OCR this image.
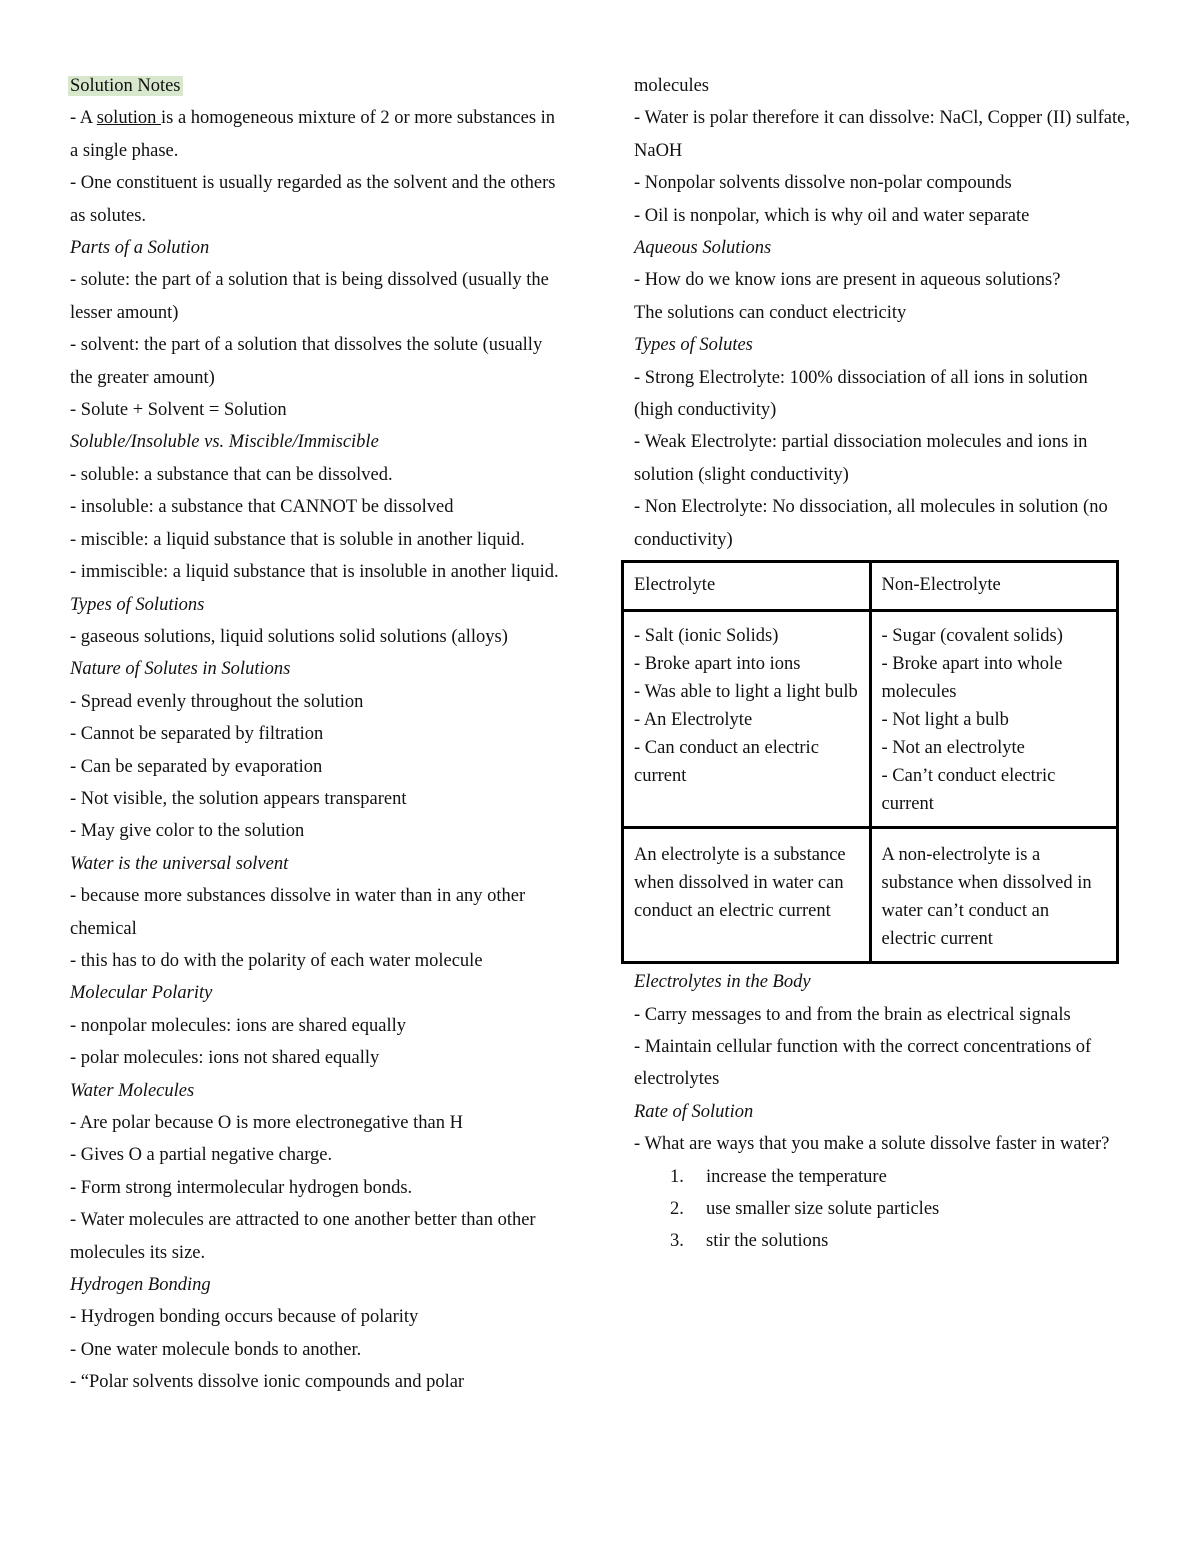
Solution Notes

- A solution is a homogeneous mixture of 2 or more substances in a single phase.

- One constituent is usually regarded as the solvent and the others as solutes.

Parts of a Solution

- solute: the part of a solution that is being dissolved (usually the lesser amount)

- solvent: the part of a solution that dissolves the solute (usually the greater amount)

- Solute + Solvent = Solution

Soluble/Insoluble vs. Miscible/Immiscible

- soluble: a substance that can be dissolved.

- insoluble: a substance that CANNOT be dissolved

- miscible: a liquid substance that is soluble in another liquid.

- immiscible: a liquid substance that is insoluble in another liquid.

Types of Solutions

- gaseous solutions, liquid solutions solid solutions (alloys)

Nature of Solutes in Solutions

- Spread evenly throughout the solution

- Cannot be separated by filtration

- Can be separated by evaporation

- Not visible, the solution appears transparent

- May give color to the solution

Water is the universal solvent

- because more substances dissolve in water than in any other chemical

- this has to do with the polarity of each water molecule

Molecular Polarity

- nonpolar molecules: ions are shared equally

- polar molecules: ions not shared equally

Water Molecules

- Are polar because O is more electronegative than H

- Gives O a partial negative charge.

- Form strong intermolecular hydrogen bonds.

- Water molecules are attracted to one another better than other molecules its size.

Hydrogen Bonding

- Hydrogen bonding occurs because of polarity

- One water molecule bonds to another.

- “Polar solvents dissolve ionic compounds and polar

molecules

- Water is polar therefore it can dissolve: NaCl, Copper (II) sulfate, NaOH

- Nonpolar solvents dissolve non-polar compounds

- Oil is nonpolar, which is why oil and water separate

Aqueous Solutions

- How do we know ions are present in aqueous solutions?

The solutions can conduct electricity

Types of Solutes

- Strong Electrolyte: 100% dissociation of all ions in solution (high conductivity)

- Weak Electrolyte: partial dissociation molecules and ions in solution (slight conductivity)

- Non Electrolyte: No dissociation, all molecules in solution (no conductivity)

Electrolyte	Non-Electrolyte

- Salt (ionic Solids)
- Broke apart into ions
- Was able to light a light bulb
- An Electrolyte
- Can conduct an electric current	- Sugar (covalent solids)
- Broke apart into whole molecules
- Not light a bulb
- Not an electrolyte
- Can’t conduct electric current

An electrolyte is a substance when dissolved in water can conduct an electric current	A non-electrolyte is a substance when dissolved in water can’t conduct an electric current

Electrolytes in the Body

- Carry messages to and from the brain as electrical signals

- Maintain cellular function with the correct concentrations of electrolytes

Rate of Solution

- What are ways that you make a solute dissolve faster in water?

increase the temperature
use smaller size solute particles
stir the solutions
